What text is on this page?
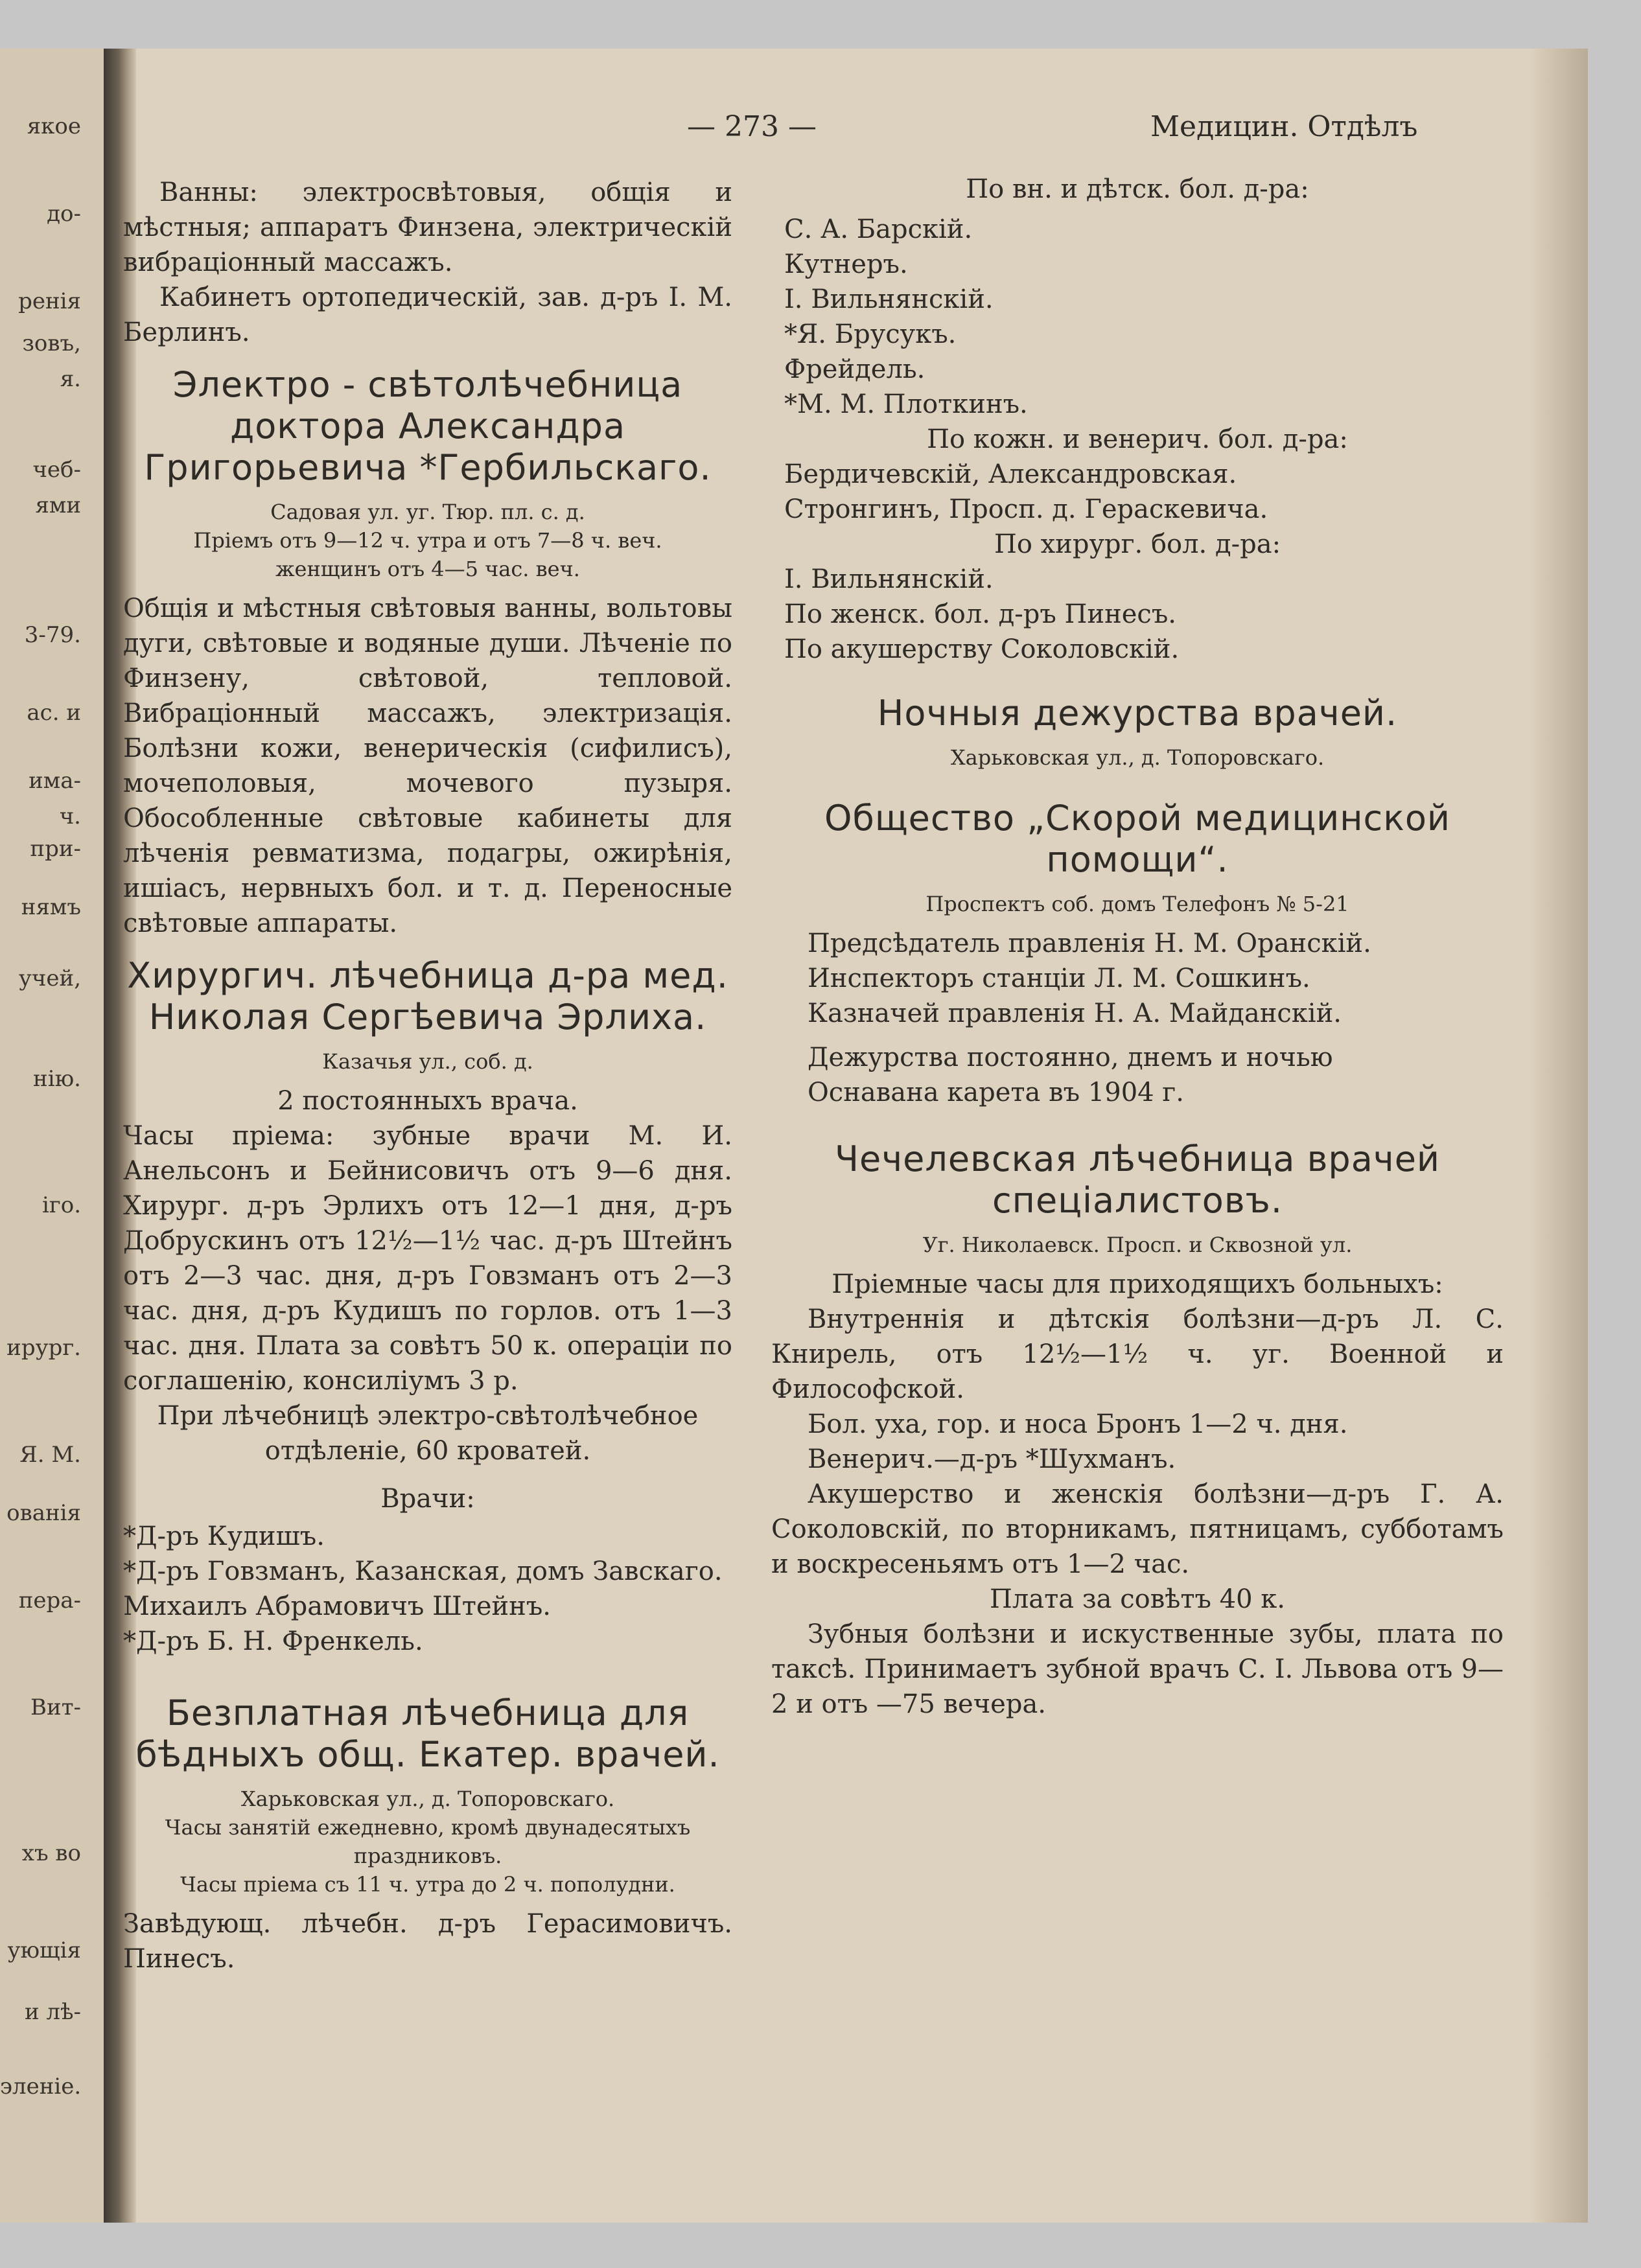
якое
до-
ренія
зовъ,
я.
чеб-
ями
3-79.
ас. и
има-
ч.
при-
нямъ
учей,
нію.
іго.
ирург.
Я. М.
ованія
пера-
Вит-
хъ во
ующія
и лѣ-
эленіе.
— 273 —	Медицин. Отдѣлъ

Ванны: электросвѣтовыя, общія и мѣстныя; аппаратъ Финзена, электрическій вибраціонный массажъ.

Кабинетъ ортопедическій, зав. д-ръ І. М. Берлинъ.

Электро - свѣтолѣчебница доктора Александра Григорьевича *Гербильскаго.
Садовая ул. уг. Тюр. пл. с. д.
Пріемъ отъ 9—12 ч. утра и отъ 7—8 ч. веч.
женщинъ отъ 4—5 час. веч.

Общія и мѣстныя свѣтовыя ванны, вольтовы дуги, свѣтовые и водяные души. Лѣченіе по Финзену, свѣтовой, тепловой. Вибраціонный массажъ, электризація. Болѣзни кожи, венерическія (сифилисъ), мочеполовыя, мочевого пузыря. Обособленные свѣтовые кабинеты для лѣченія ревматизма, подагры, ожирѣнія, ишіасъ, нервныхъ бол. и т. д. Переносные свѣтовые аппараты.

Хирургич. лѣчебница д-ра мед. Николая Сергѣевича Эрлиха.
Казачья ул., соб. д.

2 постоянныхъ врача.

Часы пріема: зубные врачи М. И. Анельсонъ и Бейнисовичъ отъ 9—6 дня. Хирург. д-ръ Эрлихъ отъ 12—1 дня, д-ръ Добрускинъ отъ 12½—1½ час. д-ръ Штейнъ отъ 2—3 час. дня, д-ръ Говзманъ отъ 2—3 час. дня, д-ръ Кудишъ по горлов. отъ 1—3 час. дня. Плата за совѣтъ 50 к. операціи по соглашенію, консиліумъ 3 р.

При лѣчебницѣ электро-свѣтолѣчебное отдѣленіе, 60 кроватей.

Врачи:

*Д-ръ Кудишъ.

*Д-ръ Говзманъ, Казанская, домъ Завскаго.

Михаилъ Абрамовичъ Штейнъ.

*Д-ръ Б. Н. Френкель.

Безплатная лѣчебница для бѣдныхъ общ. Екатер. врачей.
Харьковская ул., д. Топоровскаго.
Часы занятій ежедневно, кромѣ двунадесятыхъ праздниковъ.
Часы пріема съ 11 ч. утра до 2 ч. пополудни.

Завѣдующ. лѣчебн. д-ръ Герасимовичъ. Пинесъ.

По вн. и дѣтск. бол. д-ра:

С. А. Барскій.

Кутнеръ.

І. Вильнянскій.

*Я. Брусукъ.

Фрейдель.

*М. М. Плоткинъ.

По кожн. и венерич. бол. д-ра:

Бердичевскій, Александровская.

Стронгинъ, Просп. д. Гераскевича.

По хирург. бол. д-ра:

І. Вильнянскій.

По женск. бол. д-ръ Пинесъ.

По акушерству Соколовскій.

Ночныя дежурства врачей.
Харьковская ул., д. Топоровскаго.
Общество „Скорой медицинской помощи“.
Проспектъ соб. домъ Телефонъ № 5-21

Предсѣдатель правленія Н. М. Оранскій.

Инспекторъ станціи Л. М. Сошкинъ.

Казначей правленія Н. А. Майданскій.

Дежурства постоянно, днемъ и ночью

Оснавана карета въ 1904 г.

Чечелевская лѣчебница врачей спеціалистовъ.
Уг. Николаевск. Просп. и Сквозной ул.

Пріемные часы для приходящихъ больныхъ:

Внутреннія и дѣтскія болѣзни—д-ръ Л. С. Книрель, отъ 12½—1½ ч. уг. Военной и Философской.

Бол. уха, гор. и носа Бронъ 1—2 ч. дня.

Венерич.—д-ръ *Шухманъ.

Акушерство и женскія болѣзни—д-ръ Г. А. Соколовскій, по вторникамъ, пятницамъ, субботамъ и воскресеньямъ отъ 1—2 час.

Плата за совѣтъ 40 к.

Зубныя болѣзни и искуственные зубы, плата по таксѣ. Принимаетъ зубной врачъ С. І. Львова отъ 9—2 и отъ —75 вечера.
